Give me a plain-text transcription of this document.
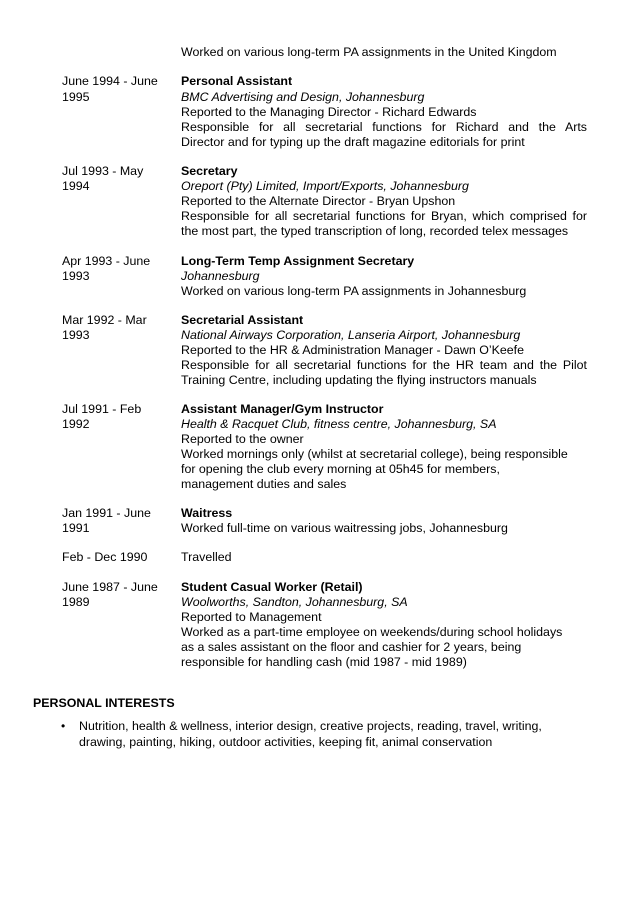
Worked on various long-term PA assignments in the United Kingdom
June 1994 - June
1995
Personal Assistant
BMC Advertising and Design, Johannesburg
Reported to the Managing Director - Richard Edwards
Responsible for all secretarial functions for Richard and the Arts
Director and for typing up the draft magazine editorials for print
Jul 1993 - May
1994
Secretary
Oreport (Pty) Limited, Import/Exports, Johannesburg
Reported to the Alternate Director - Bryan Upshon
Responsible for all secretarial functions for Bryan, which comprised for
the most part, the typed transcription of long, recorded telex messages
Apr 1993 - June
1993
Long-Term Temp Assignment Secretary
Johannesburg
Worked on various long-term PA assignments in Johannesburg
Mar 1992 - Mar
1993
Secretarial Assistant
National Airways Corporation, Lanseria Airport, Johannesburg
Reported to the HR & Administration Manager - Dawn O’Keefe
Responsible for all secretarial functions for the HR team and the Pilot
Training Centre, including updating the flying instructors manuals
Jul 1991 - Feb
1992
Assistant Manager/Gym Instructor
Health & Racquet Club, fitness centre, Johannesburg, SA
Reported to the owner
Worked mornings only (whilst at secretarial college), being responsible
for opening the club every morning at 05h45 for members,
management duties and sales
Jan 1991 - June
1991
Waitress
Worked full-time on various waitressing jobs, Johannesburg
Feb - Dec 1990	Travelled
June 1987 - June
1989
Student Casual Worker (Retail)
Woolworths, Sandton, Johannesburg, SA
Reported to Management
Worked as a part-time employee on weekends/during school holidays
as a sales assistant on the floor and cashier for 2 years, being
responsible for handling cash (mid 1987 - mid 1989)
PERSONAL INTERESTS
• Nutrition, health & wellness, interior design, creative projects, reading, travel, writing,
drawing, painting, hiking, outdoor activities, keeping fit, animal conservation
